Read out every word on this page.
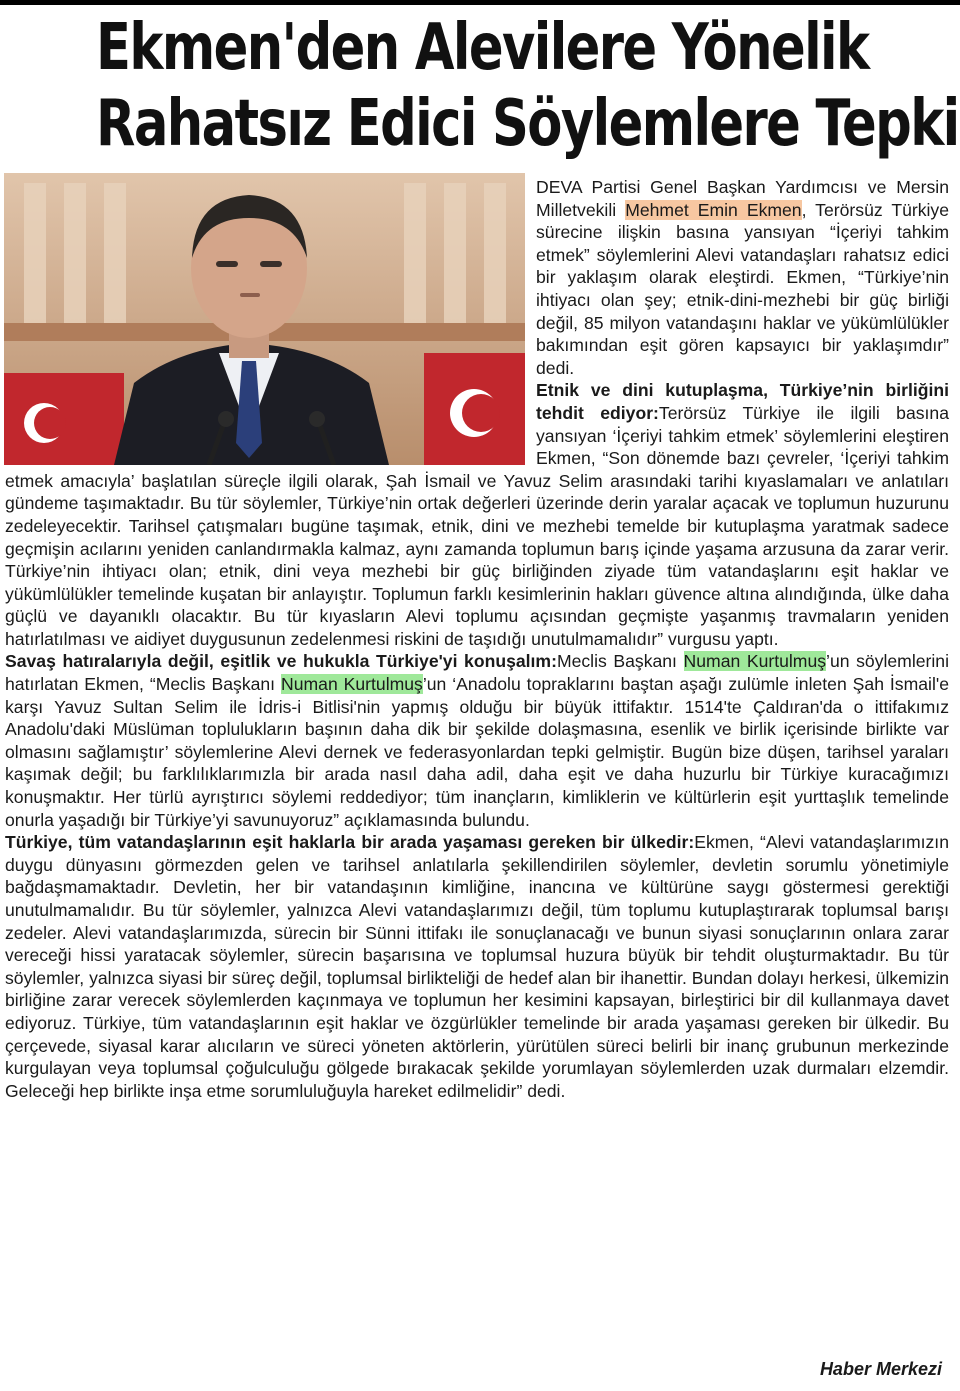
Ekmen'den Alevilere Yönelik
Rahatsız Edici Söylemlere Tepki

DEVA Partisi Genel Başkan Yardımcısı ve Mersin Milletvekili Mehmet Emin Ekmen, Terörsüz Türkiye sürecine ilişkin basına yansıyan “İçeriyi tahkim etmek” söylemlerini Alevi vatandaşları rahatsız edici bir yaklaşım olarak eleştirdi. Ekmen, “Türkiye’nin ihtiyacı olan şey; etnik-dini-mezhebi bir güç birliği değil, 85 milyon vatandaşını haklar ve yükümlülükler bakımından eşit gören kapsayıcı bir yaklaşımdır” dedi.

Etnik ve dini kutuplaşma, Türkiye’nin birliğini tehdit ediyor:Terörsüz Türkiye ile ilgili basına yansıyan ‘İçeriyi tahkim etmek’ söylemlerini eleştiren Ekmen, “Son dönemde bazı çevreler, ‘İçeriyi tahkim etmek amacıyla’ başlatılan süreçle ilgili olarak, Şah İsmail ve Yavuz Selim arasındaki tarihi kıyaslamaları ve anlatıları gündeme taşımaktadır. Bu tür söylemler, Türkiye’nin ortak değerleri üzerinde derin yaralar açacak ve toplumun huzurunu zedeleyecektir. Tarihsel çatışmaları bugüne taşımak, etnik, dini ve mezhebi temelde bir kutuplaşma yaratmak sadece geçmişin acılarını yeniden canlandırmakla kalmaz, aynı zamanda toplumun barış içinde yaşama arzusuna da zarar verir. Türkiye’nin ihtiyacı olan; etnik, dini veya mezhebi bir güç birliğinden ziyade tüm vatandaşlarını eşit haklar ve yükümlülükler temelinde kuşatan bir anlayıştır. Toplumun farklı kesimlerinin hakları güvence altına alındığında, ülke daha güçlü ve dayanıklı olacaktır. Bu tür kıyasların Alevi toplumu açısından geçmişte yaşanmış travmaların yeniden hatırlatılması ve aidiyet duygusunun zedelenmesi riskini de taşıdığı unutulmamalıdır” vurgusu yaptı.

Savaş hatıralarıyla değil, eşitlik ve hukukla Türkiye'yi konuşalım:Meclis Başkanı Numan Kurtulmuş’un söylemlerini hatırlatan Ekmen, “Meclis Başkanı Numan Kurtulmuş’un ‘Anadolu topraklarını baştan aşağı zulümle inleten Şah İsmail'e karşı Yavuz Sultan Selim ile İdris-i Bitlisi'nin yapmış olduğu bir büyük ittifaktır. 1514'te Çaldıran'da o ittifakımız Anadolu'daki Müslüman toplulukların başının daha dik bir şekilde dolaşmasına, esenlik ve birlik içerisinde birlikte var olmasını sağlamıştır’ söylemlerine Alevi dernek ve federasyonlardan tepki gelmiştir. Bugün bize düşen, tarihsel yaraları kaşımak değil; bu farklılıklarımızla bir arada nasıl daha adil, daha eşit ve daha huzurlu bir Türkiye kuracağımızı konuşmaktır. Her türlü ayrıştırıcı söylemi reddediyor; tüm inançların, kimliklerin ve kültürlerin eşit yurttaşlık temelinde onurla yaşadığı bir Türkiye’yi savunuyoruz” açıklamasında bulundu.

Türkiye, tüm vatandaşlarının eşit haklarla bir arada yaşaması gereken bir ülkedir:Ekmen, “Alevi vatandaşlarımızın duygu dünyasını görmezden gelen ve tarihsel anlatılarla şekillendirilen söylemler, devletin sorumlu yönetimiyle bağdaşmamaktadır. Devletin, her bir vatandaşının kimliğine, inancına ve kültürüne saygı göstermesi gerektiği unutulmamalıdır. Bu tür söylemler, yalnızca Alevi vatandaşlarımızı değil, tüm toplumu kutuplaştırarak toplumsal barışı zedeler. Alevi vatandaşlarımızda, sürecin bir Sünni ittifakı ile sonuçlanacağı ve bunun siyasi sonuçlarının onlara zarar vereceği hissi yaratacak söylemler, sürecin başarısına ve toplumsal huzura büyük bir tehdit oluşturmaktadır. Bu tür söylemler, yalnızca siyasi bir süreç değil, toplumsal birlikteliği de hedef alan bir ihanettir. Bundan dolayı herkesi, ülkemizin birliğine zarar verecek söylemlerden kaçınmaya ve toplumun her kesimini kapsayan, birleştirici bir dil kullanmaya davet ediyoruz. Türkiye, tüm vatandaşlarının eşit haklar ve özgürlükler temelinde bir arada yaşaması gereken bir ülkedir. Bu çerçevede, siyasal karar alıcıların ve süreci yöneten aktörlerin, yürütülen süreci belirli bir inanç grubunun merkezinde kurgulayan veya toplumsal çoğulculuğu gölgede bırakacak şekilde yorumlayan söylemlerden uzak durmaları elzemdir. Geleceği hep birlikte inşa etme sorumluluğuyla hareket edilmelidir” dedi.

Haber Merkezi
